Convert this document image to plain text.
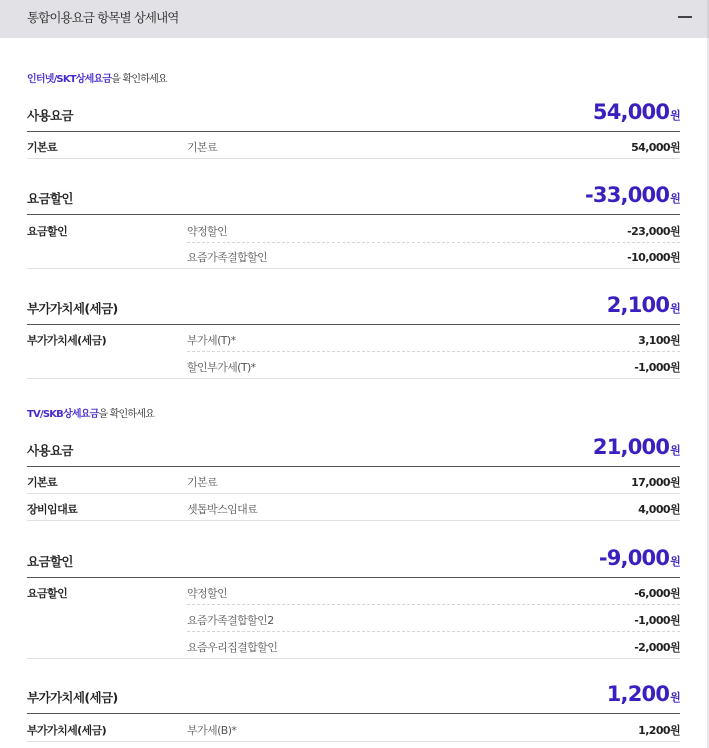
통합이용요금 항목별 상세내역
인터넷/SKT상세요금을 확인하세요
사용요금	54,000원
기본료	기본료	54,000원
요금할인	-33,000원
요금할인	약정할인	-23,000원
요즘가족결합할인	-10,000원
부가가치세(세금)	2,100원
부가가치세(세금)	부가세(T)*	3,100원
할인부가세(T)*	-1,000원
TV/SKB상세요금을 확인하세요
사용요금	21,000원
기본료	기본료	17,000원
장비임대료	셋톱박스임대료	4,000원
요금할인	-9,000원
요금할인	약정할인	-6,000원
요즘가족결합할인2	-1,000원
요즘우리집결합할인	-2,000원
부가가치세(세금)	1,200원
부가가치세(세금)	부가세(B)*	1,200원
